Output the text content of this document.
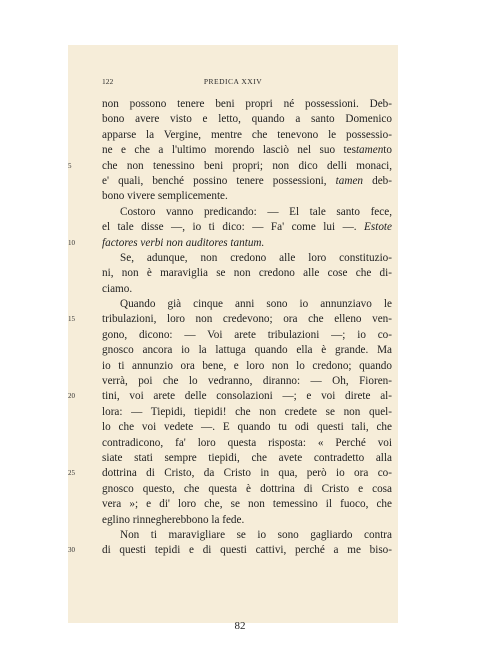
PREDICA XXIV
122
non possono tenere beni propri né possessioni. Deb-
bono avere visto e letto, quando a santo Domenico
apparse la Vergine, mentre che tenevono le possessio-
ne e che a l'ultimo morendo lasciò nel suo testamento
5	che non tenessino beni propri; non dico delli monaci,
e' quali, benché possino tenere possessioni, tamen deb-
bono vivere semplicemente.
Costoro vanno predicando: — El tale santo fece,
el tale disse —, io ti dico: — Fa' come lui —. Estote
10	factores verbi non auditores tantum.
Se, adunque, non credono alle loro constituzio-
ni, non è maraviglia se non credono alle cose che di-
ciamo.
Quando già cinque anni sono io annunziavo le
15	tribulazioni, loro non credevono; ora che elleno ven-
gono, dicono: — Voi arete tribulazioni —; io co-
gnosco ancora io la lattuga quando ella è grande. Ma
io ti annunzio ora bene, e loro non lo credono; quando
verrà, poi che lo vedranno, diranno: — Oh, Fioren-
20	tini, voi arete delle consolazioni —; e voi direte al-
lora: — Tiepidi, tiepidi! che non credete se non quel-
lo che voi vedete —. E quando tu odi questi tali, che
contradicono, fa' loro questa risposta: « Perché voi
siate stati sempre tiepidi, che avete contradetto alla
25	dottrina di Cristo, da Cristo in qua, però io ora co-
gnosco questo, che questa è dottrina di Cristo e cosa
vera »; e di' loro che, se non temessino il fuoco, che
eglino rinnegherebbono la fede.
Non ti maravigliare se io sono gagliardo contra
30	di questi tepidi e di questi cattivi, perché a me biso-
82
